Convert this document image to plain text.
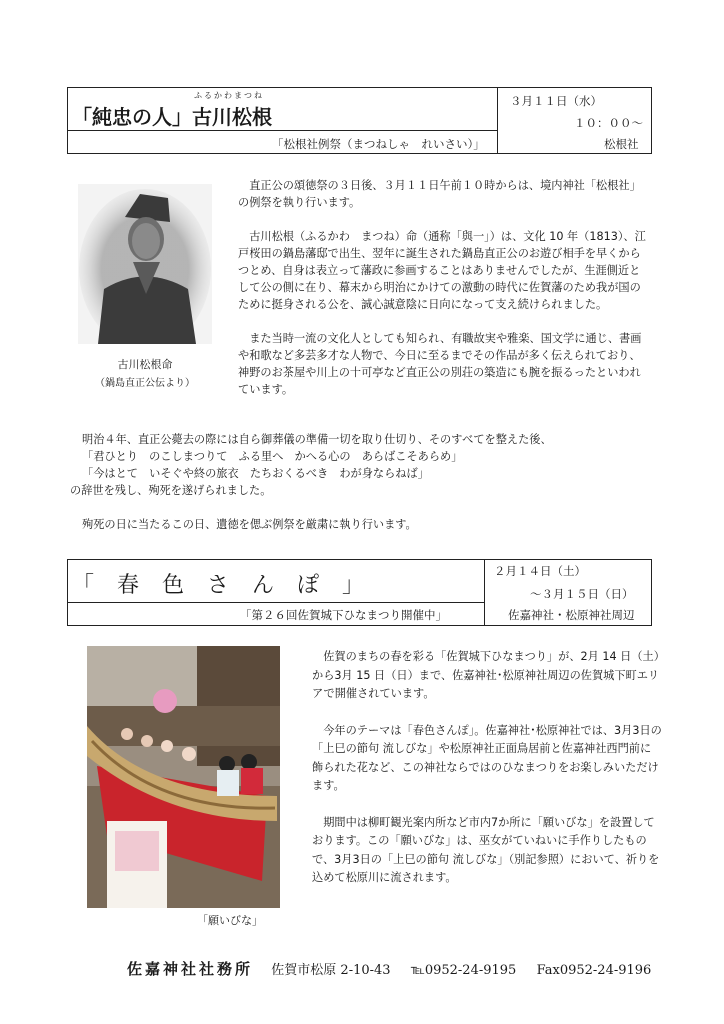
ふるかわまつね
「純忠の人」古川松根
「松根社例祭（まつねしゃ　れいさい）」
３月１１日（水）
１０：００～
松根社
古川松根命
（鍋島直正公伝より）

直正公の頌徳祭の３日後、３月１１日午前１０時からは、境内神社「松根社」の例祭を執り行います。

古川松根（ふるかわ　まつね）命（通称「與一」）は、文化 10 年（1813）、江戸桜田の鍋島藩邸で出生、翌年に誕生された鍋島直正公のお遊び相手を早くからつとめ、自身は表立って藩政に参画することはありませんでしたが、生涯側近として公の側に在り、幕末から明治にかけての激動の時代に佐賀藩のため我が国のために挺身される公を、誠心誠意陰に日向になって支え続けられました。

また当時一流の文化人としても知られ、有職故実や雅楽、国文学に通じ、書画や和歌など多芸多才な人物で、今日に至るまでその作品が多く伝えられており、神野のお茶屋や川上の十可亭など直正公の別荘の築造にも腕を振るったといわれています。

明治４年、直正公薨去の際には自ら御葬儀の準備一切を取り仕切り、そのすべてを整えた後、

「君ひとり　のこしまつりて　ふる里へ　かへる心の　あらばこそあらめ」

「今はとて　いそぐや終の旅衣　たちおくるべき　わが身ならねば」

の辞世を残し、殉死を遂げられました。

殉死の日に当たるこの日、遺徳を偲ぶ例祭を厳粛に執り行います。

「春色さんぽ」
「第２６回佐賀城下ひなまつり開催中」
２月１４日（土）
～３月１５日（日）
佐嘉神社・松原神社周辺
「願いびな」

佐賀のまちの春を彩る「佐賀城下ひなまつり」が、2月 14 日（土）から3月 15 日（日）まで、佐嘉神社･松原神社周辺の佐賀城下町エリアで開催されています。

今年のテーマは「春色さんぽ」。佐嘉神社･松原神社では、3月3日の「上巳の節句 流しびな」や松原神社正面鳥居前と佐嘉神社西門前に飾られた花など、この神社ならではのひなまつりをお楽しみいただけます。

期間中は柳町観光案内所など市内7か所に「願いびな」を設置しております。この「願いびな」は、巫女がていねいに手作りしたもので、3月3日の「上巳の節句 流しびな」（別記参照）において、祈りを込めて松原川に流されます。

佐嘉神社社務所 佐賀市松原 2-10-43 ℡0952-24-9195 Fax0952-24-9196
